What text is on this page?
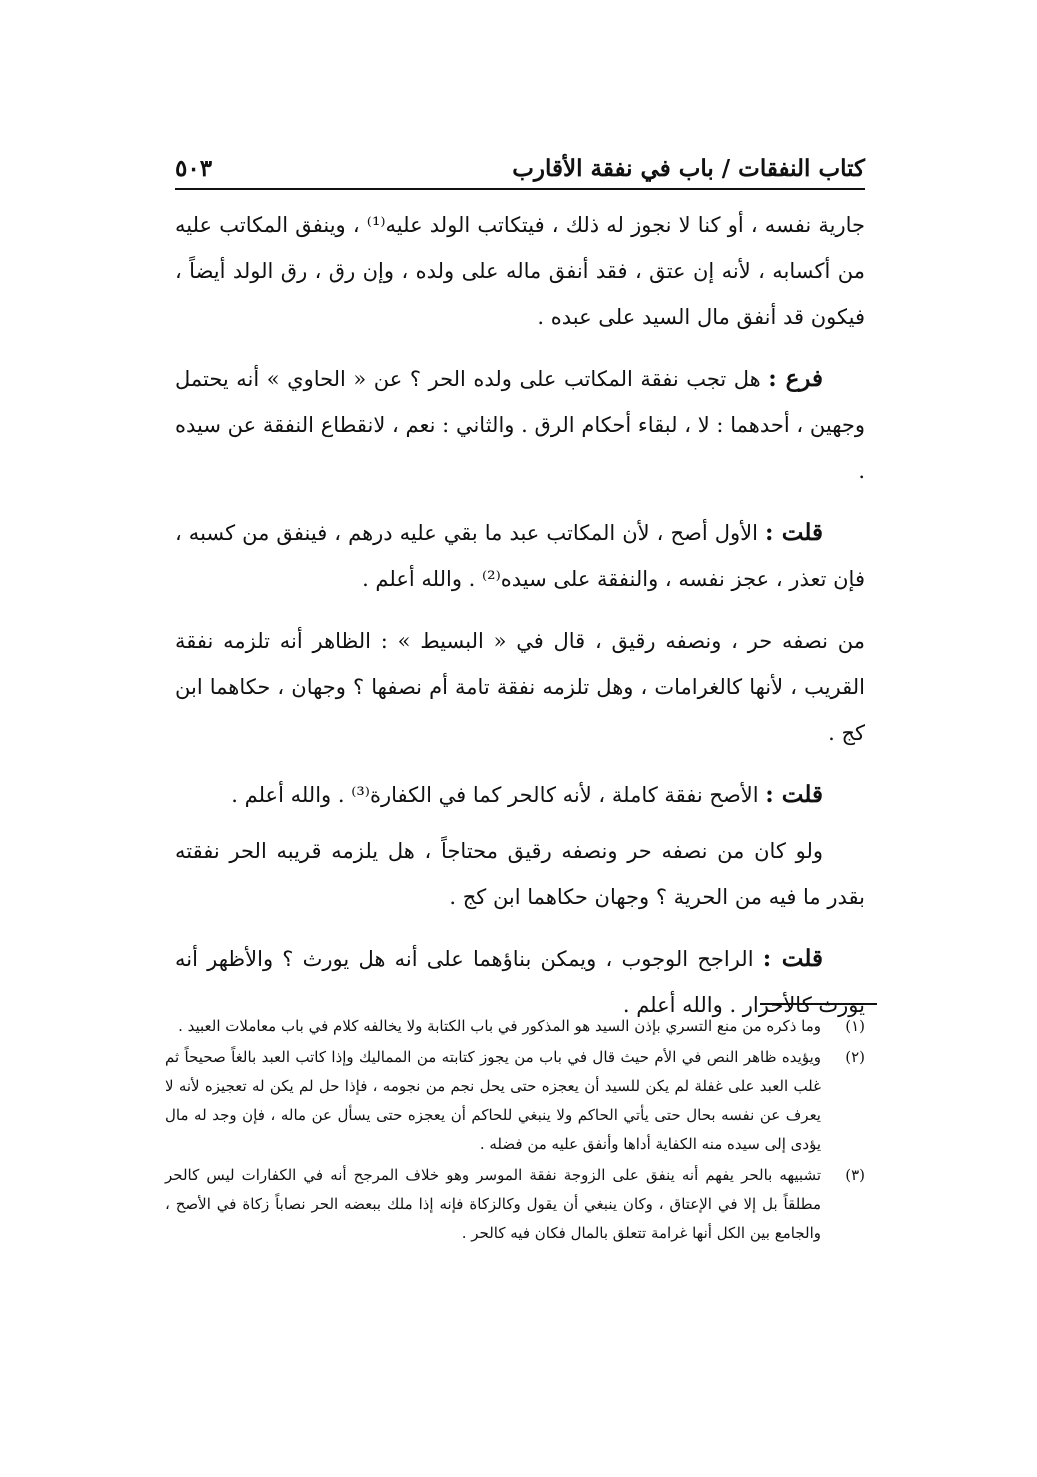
كتاب النفقات / باب في نفقة الأقارب
٥٠٣

جارية نفسه ، أو كنا لا نجوز له ذلك ، فيتكاتب الولد عليه⁽¹⁾ ، وينفق المكاتب عليه من أكسابه ، لأنه إن عتق ، فقد أنفق ماله على ولده ، وإن رق ، رق الولد أيضاً ، فيكون قد أنفق مال السيد على عبده .

فرع : هل تجب نفقة المكاتب على ولده الحر ؟ عن « الحاوي » أنه يحتمل وجهين ، أحدهما : لا ، لبقاء أحكام الرق . والثاني : نعم ، لانقطاع النفقة عن سيده .

قلت : الأول أصح ، لأن المكاتب عبد ما بقي عليه درهم ، فينفق من كسبه ، فإن تعذر ، عجز نفسه ، والنفقة على سيده⁽²⁾ . والله أعلم .

من نصفه حر ، ونصفه رقيق ، قال في « البسيط » : الظاهر أنه تلزمه نفقة القريب ، لأنها كالغرامات ، وهل تلزمه نفقة تامة أم نصفها ؟ وجهان ، حكاهما ابن كج .

قلت : الأصح نفقة كاملة ، لأنه كالحر كما في الكفارة⁽³⁾ . والله أعلم .

ولو كان من نصفه حر ونصفه رقيق محتاجاً ، هل يلزمه قريبه الحر نفقته بقدر ما فيه من الحرية ؟ وجهان حكاهما ابن كج .

قلت : الراجح الوجوب ، ويمكن بناؤهما على أنه هل يورث ؟ والأظهر أنه يورث كالأحرار . والله أعلم .

(١)
وما ذكره من منع التسري بإذن السيد هو المذكور في باب الكتابة ولا يخالفه كلام في باب معاملات العبيد .
(٢)
ويؤيده ظاهر النص في الأم حيث قال في باب من يجوز كتابته من المماليك وإذا كاتب العبد بالغاً صحيحاً ثم غلب العبد على غفلة لم يكن للسيد أن يعجزه حتى يحل نجم من نجومه ، فإذا حل لم يكن له تعجيزه لأنه لا يعرف عن نفسه بحال حتى يأتي الحاكم ولا ينبغي للحاكم أن يعجزه حتى يسأل عن ماله ، فإن وجد له مال يؤدى إلى سيده منه الكفاية أداها وأنفق عليه من فضله .
(٣)
تشبيهه بالحر يفهم أنه ينفق على الزوجة نفقة الموسر وهو خلاف المرجح أنه في الكفارات ليس كالحر مطلقاً بل إلا في الإعتاق ، وكان ينبغي أن يقول وكالزكاة فإنه إذا ملك ببعضه الحر نصاباً زكاة في الأصح ، والجامع بين الكل أنها غرامة تتعلق بالمال فكان فيه كالحر .
